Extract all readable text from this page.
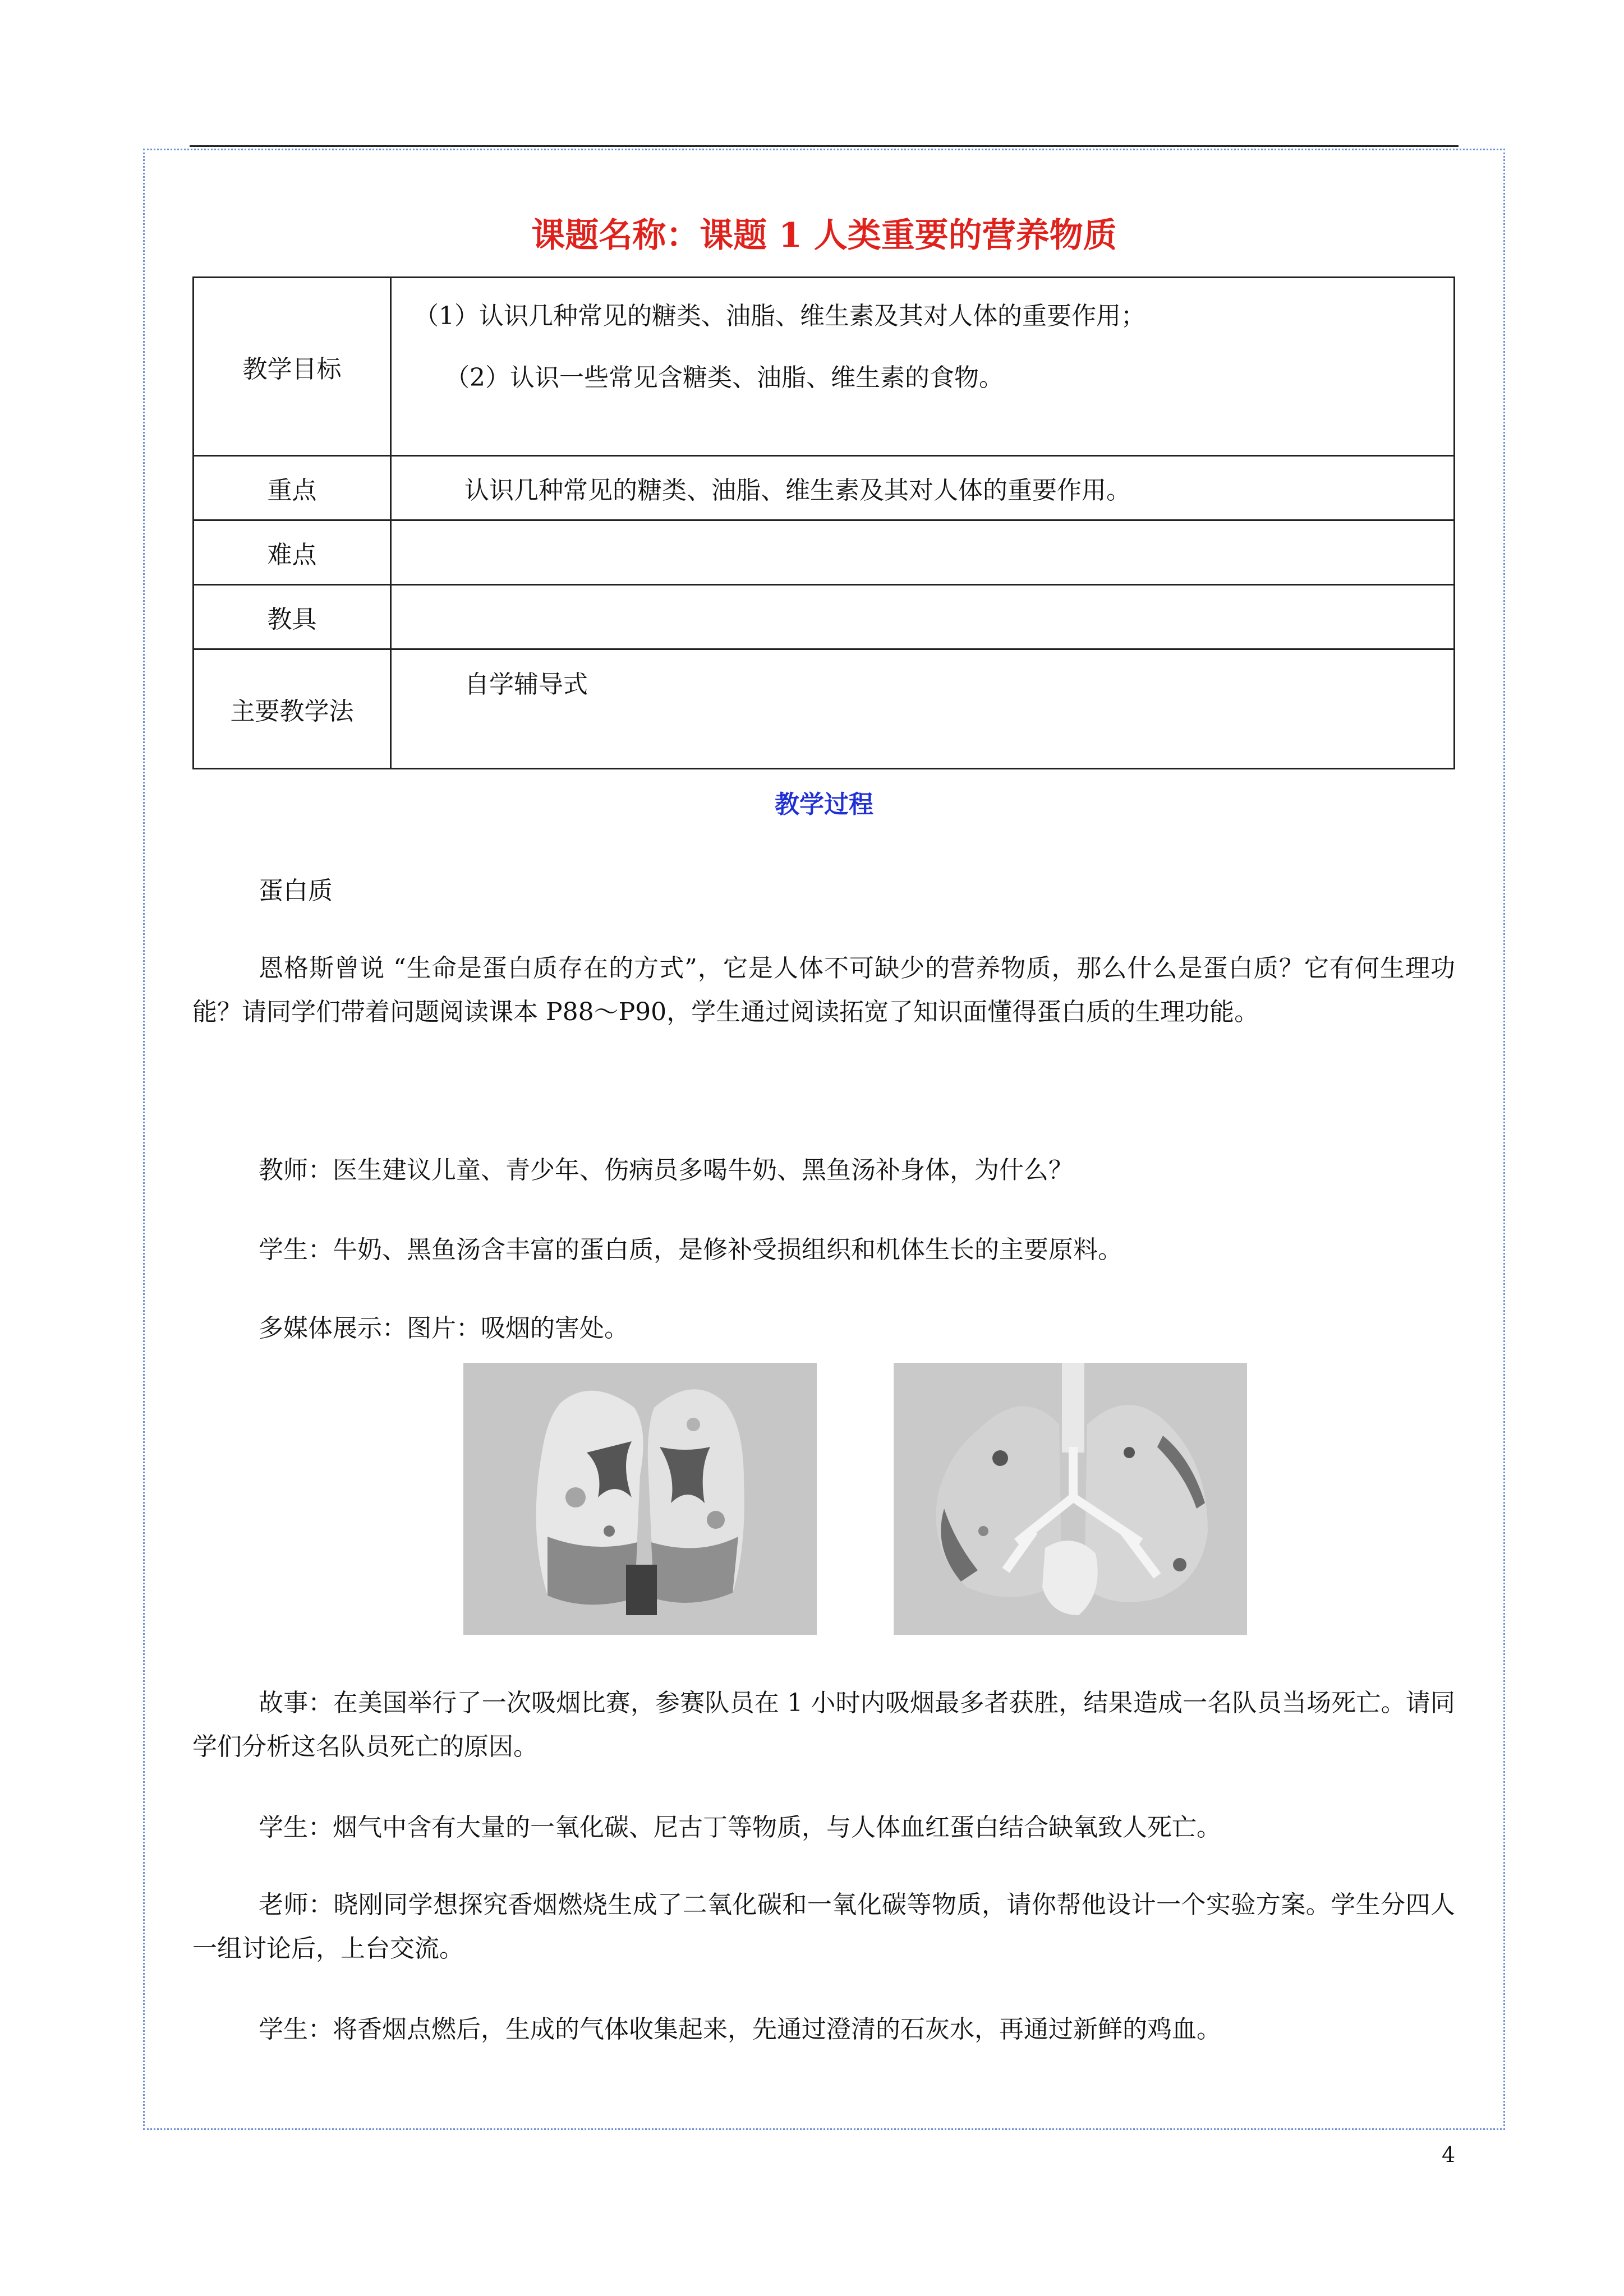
课题名称：课题 1 人类重要的营养物质
教学目标	（1）认识几种常见的糖类、油脂、维生素及其对人体的重要作用；
（2）认识一些常见含糖类、油脂、维生素的食物。

重点	认识几种常见的糖类、油脂、维生素及其对人体的重要作用。

难点	
教具	
主要教学法	自学辅导式
教学过程
蛋白质
恩格斯曾说 “生命是蛋白质存在的方式”，它是人体不可缺少的营养物质，那么什么是蛋白质？它有何生理功能？请同学们带着问题阅读课本 P88～P90，学生通过阅读拓宽了知识面懂得蛋白质的生理功能。
教师：医生建议儿童、青少年、伤病员多喝牛奶、黑鱼汤补身体，为什么？
学生：牛奶、黑鱼汤含丰富的蛋白质，是修补受损组织和机体生长的主要原料。
多媒体展示：图片：吸烟的害处。
故事：在美国举行了一次吸烟比赛，参赛队员在 1 小时内吸烟最多者获胜，结果造成一名队员当场死亡。请同学们分析这名队员死亡的原因。
学生：烟气中含有大量的一氧化碳、尼古丁等物质，与人体血红蛋白结合缺氧致人死亡。
老师：晓刚同学想探究香烟燃烧生成了二氧化碳和一氧化碳等物质，请你帮他设计一个实验方案。学生分四人一组讨论后，上台交流。
学生：将香烟点燃后，生成的气体收集起来，先通过澄清的石灰水，再通过新鲜的鸡血。
4
